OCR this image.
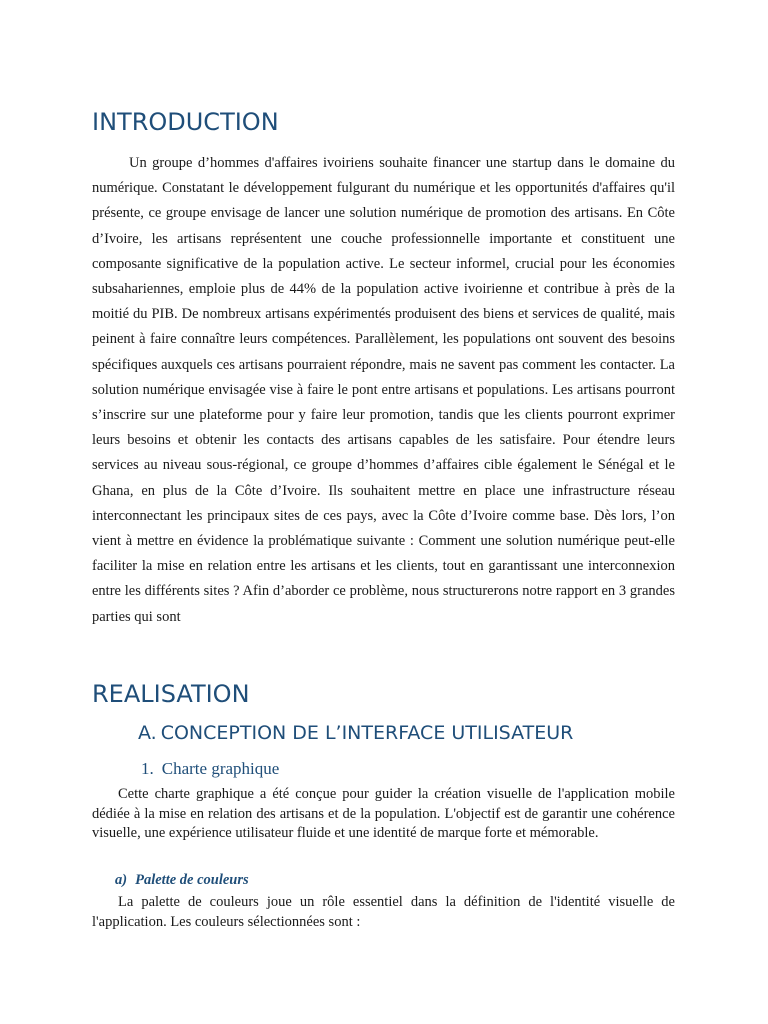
INTRODUCTION

Un groupe d’hommes d'affaires ivoiriens souhaite financer une startup dans le domaine du numérique. Constatant le développement fulgurant du numérique et les opportunités d'affaires qu'il présente, ce groupe envisage de lancer une solution numérique de promotion des artisans. En Côte d’Ivoire, les artisans représentent une couche professionnelle importante et constituent une composante significative de la population active. Le secteur informel, crucial pour les économies subsahariennes, emploie plus de 44% de la population active ivoirienne et contribue à près de la moitié du PIB. De nombreux artisans expérimentés produisent des biens et services de qualité, mais peinent à faire connaître leurs compétences. Parallèlement, les populations ont souvent des besoins spécifiques auxquels ces artisans pourraient répondre, mais ne savent pas comment les contacter. La solution numérique envisagée vise à faire le pont entre artisans et populations. Les artisans pourront s’inscrire sur une plateforme pour y faire leur promotion, tandis que les clients pourront exprimer leurs besoins et obtenir les contacts des artisans capables de les satisfaire. Pour étendre leurs services au niveau sous-régional, ce groupe d’hommes d’affaires cible également le Sénégal et le Ghana, en plus de la Côte d’Ivoire. Ils souhaitent mettre en place une infrastructure réseau interconnectant les principaux sites de ces pays, avec la Côte d’Ivoire comme base. Dès lors, l’on vient à mettre en évidence la problématique suivante : Comment une solution numérique peut-elle faciliter la mise en relation entre les artisans et les clients, tout en garantissant une interconnexion entre les différents sites ? Afin d’aborder ce problème, nous structurerons notre rapport en 3 grandes parties qui sont

REALISATION
A. CONCEPTION DE L’INTERFACE UTILISATEUR
1. Charte graphique

Cette charte graphique a été conçue pour guider la création visuelle de l'application mobile dédiée à la mise en relation des artisans et de la population. L'objectif est de garantir une cohérence visuelle, une expérience utilisateur fluide et une identité de marque forte et mémorable.

a) Palette de couleurs

La palette de couleurs joue un rôle essentiel dans la définition de l'identité visuelle de l'application. Les couleurs sélectionnées sont :
